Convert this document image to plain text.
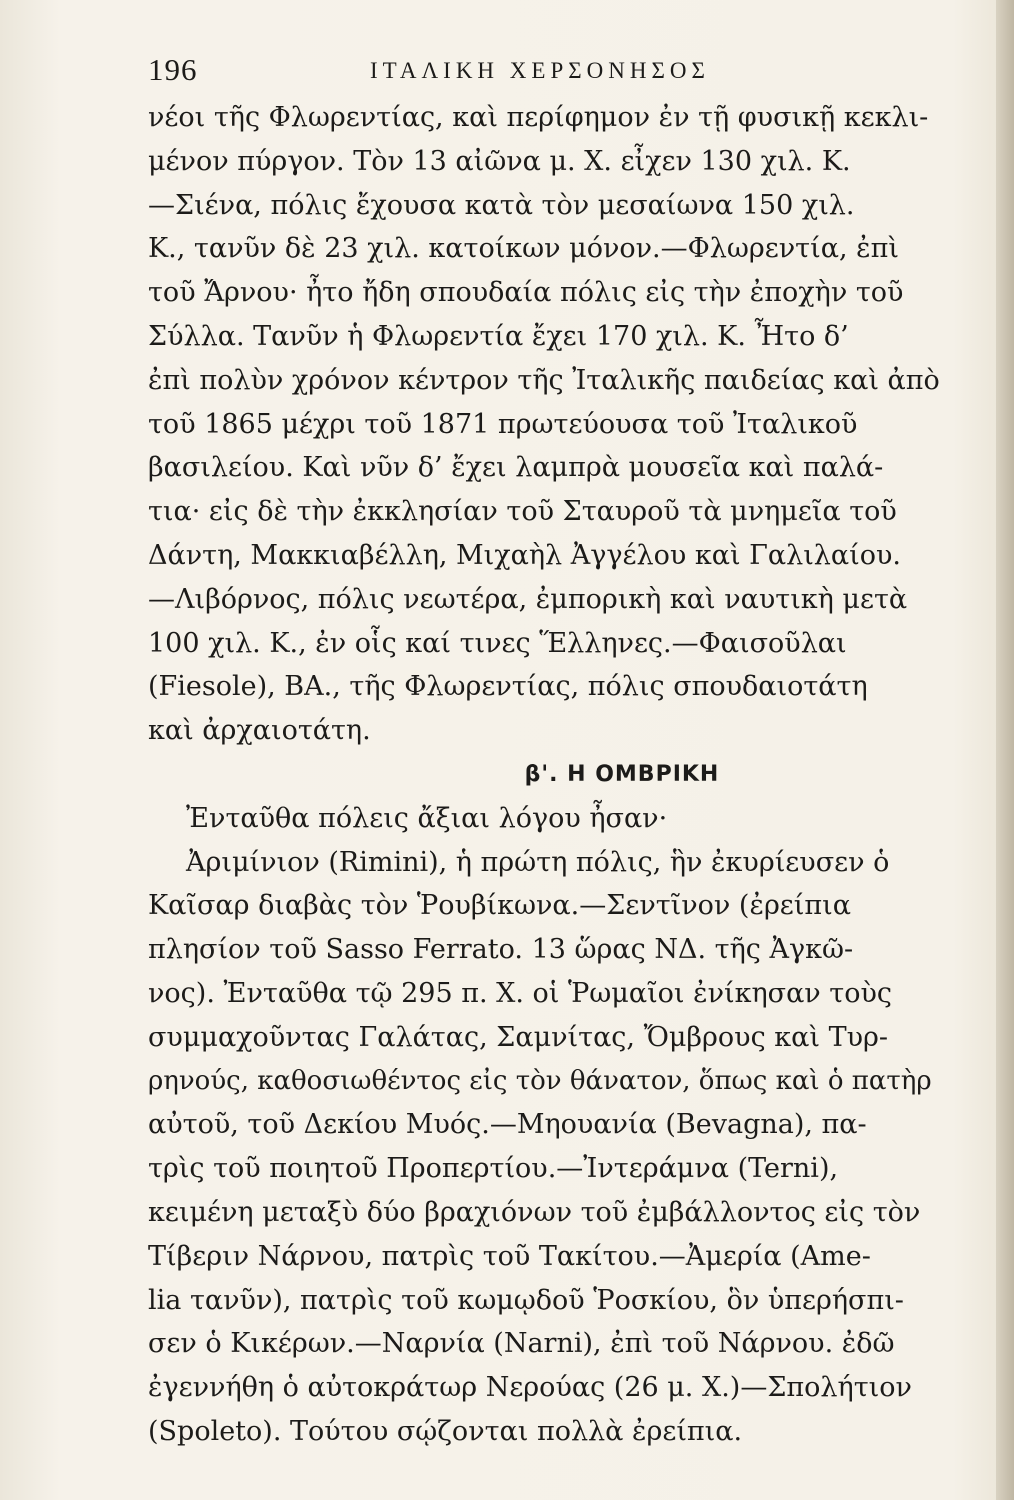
196	ΙΤΑΛΙΚΗ ΧΕΡΣΟΝΗΣΟΣ
νέοι τῆς Φλωρεντίας, καὶ περίφημον ἐν τῇ φυσικῇ κεκλι-
μένον πύργον. Τὸν 13 αἰῶνα μ. Χ. εἶχεν 130 χιλ. Κ.
—Σιένα, πόλις ἔχουσα κατὰ τὸν μεσαίωνα 150 χιλ.
Κ., τανῦν δὲ 23 χιλ. κατοίκων μόνον.—Φλωρεντία, ἐπὶ
τοῦ Ἄρνου· ἦτο ἤδη σπουδαία πόλις εἰς τὴν ἐποχὴν τοῦ
Σύλλα. Τανῦν ἡ Φλωρεντία ἔχει 170 χιλ. Κ. Ἦτο δ’
ἐπὶ πολὺν χρόνον κέντρον τῆς Ἰταλικῆς παιδείας καὶ ἀπὸ
τοῦ 1865 μέχρι τοῦ 1871 πρωτεύουσα τοῦ Ἰταλικοῦ
βασιλείου. Καὶ νῦν δ’ ἔχει λαμπρὰ μουσεῖα καὶ παλά-
τια· εἰς δὲ τὴν ἐκκλησίαν τοῦ Σταυροῦ τὰ μνημεῖα τοῦ
Δάντη, Μακκιαβέλλη, Μιχαὴλ Ἀγγέλου καὶ Γαλιλαίου.
—Λιβόρνος, πόλις νεωτέρα, ἐμπορικὴ καὶ ναυτικὴ μετὰ
100 χιλ. Κ., ἐν οἷς καί τινες Ἕλληνες.—Φαισοῦλαι
(Fiesole), ΒΑ., τῆς Φλωρεντίας, πόλις σπουδαιοτάτη
καὶ ἀρχαιοτάτη.
β'. Η ΟΜΒΡΙΚΗ
Ἐνταῦθα πόλεις ἄξιαι λόγου ἦσαν·
Ἀριμίνιον (Rimini), ἡ πρώτη πόλις, ἣν ἐκυρίευσεν ὁ
Καῖσαρ διαβὰς τὸν Ῥουβίκωνα.—Σεντῖνον (ἐρείπια
πλησίον τοῦ Sasso Ferrato. 13 ὥρας ΝΔ. τῆς Ἀγκῶ-
νος). Ἐνταῦθα τῷ 295 π. Χ. οἱ Ῥωμαῖοι ἐνίκησαν τοὺς
συμμαχοῦντας Γαλάτας, Σαμνίτας, Ὄμβρους καὶ Τυρ-
ρηνούς, καθοσιωθέντος εἰς τὸν θάνατον, ὅπως καὶ ὁ πατὴρ
αὐτοῦ, τοῦ Δεκίου Μυός.—Μηουανία (Bevagna), πα-
τρὶς τοῦ ποιητοῦ Προπερτίου.—Ἰντεράμνα (Terni),
κειμένη μεταξὺ δύο βραχιόνων τοῦ ἐμβάλλοντος εἰς τὸν
Τίβεριν Νάρνου, πατρὶς τοῦ Τακίτου.—Ἀμερία (Ame-
lia τανῦν), πατρὶς τοῦ κωμῳδοῦ Ῥοσκίου, ὃν ὑπερήσπι-
σεν ὁ Κικέρων.—Ναρνία (Narni), ἐπὶ τοῦ Νάρνου. ἐδῶ
ἐγεννήθη ὁ αὐτοκράτωρ Νερούας (26 μ. Χ.)—Σπολήτιον
(Spoleto). Τούτου σῴζονται πολλὰ ἐρείπια.
